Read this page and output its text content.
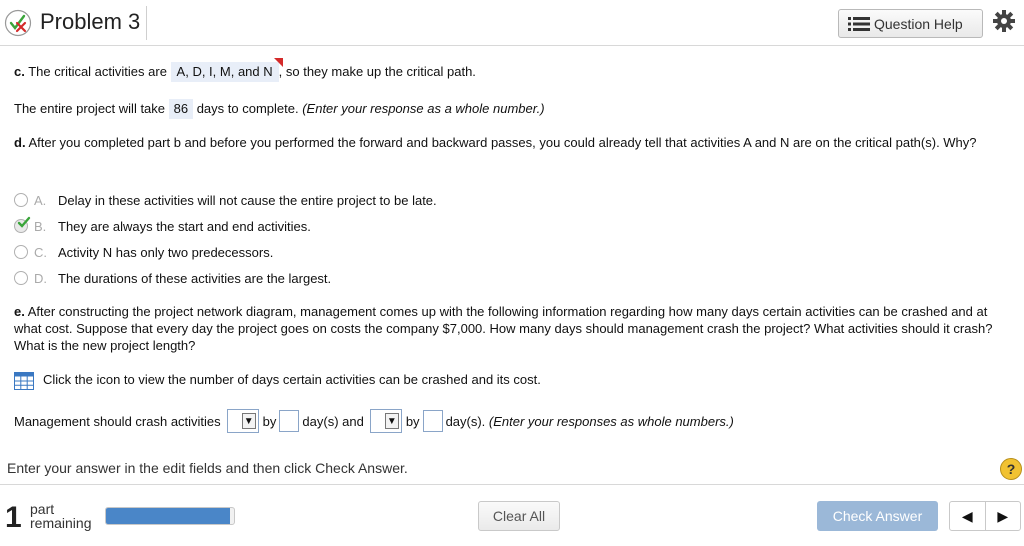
Problem 3	Question Help
c. The critical activities are A, D, I, M, and N , so they make up the critical path.
The entire project will take 86 days to complete. (Enter your response as a whole number.)
d. After you completed part b and before you performed the forward and backward passes, you could already tell that activities A and N are on the critical path(s). Why?
A. Delay in these activities will not cause the entire project to be late.
B. They are always the start and end activities.
C. Activity N has only two predecessors.
D. The durations of these activities are the largest.
e. After constructing the project network diagram, management comes up with the following information regarding how many days certain activities can be crashed and at what cost. Suppose that every day the project goes on costs the company $7,000. How many days should management crash the project? What activities should it crash? What is the new project length?
Click the icon to view the number of days certain activities can be crashed and its cost.
Management should crash activities ▼ by day(s) and ▼ by day(s). (Enter your responses as whole numbers.)
Enter your answer in the edit fields and then click Check Answer.	?
1 part
remaining	Clear All	Check Answer	◀	▶
